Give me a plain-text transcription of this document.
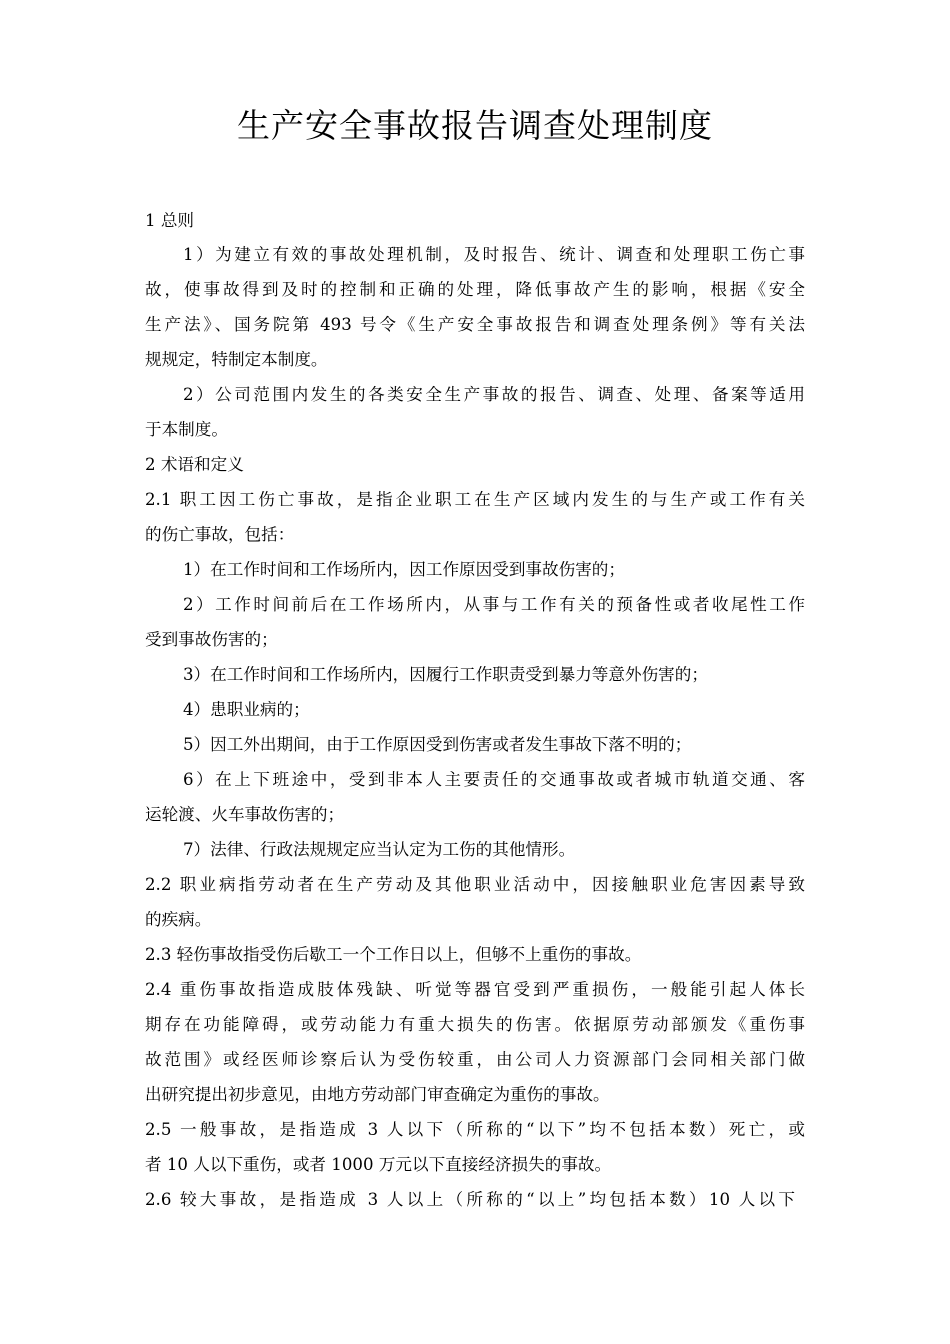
生产安全事故报告调查处理制度
1 总则
1）为建立有效的事故处理机制，及时报告、统计、调查和处理职工伤亡事
故，使事故得到及时的控制和正确的处理，降低事故产生的影响，根据《安全
生产法》、国务院第 493 号令《生产安全事故报告和调查处理条例》等有关法
规规定，特制定本制度。
2）公司范围内发生的各类安全生产事故的报告、调查、处理、备案等适用
于本制度。
2 术语和定义
2.1 职工因工伤亡事故，是指企业职工在生产区域内发生的与生产或工作有关
的伤亡事故，包括：
1）在工作时间和工作场所内，因工作原因受到事故伤害的；
2）工作时间前后在工作场所内，从事与工作有关的预备性或者收尾性工作
受到事故伤害的；
3）在工作时间和工作场所内，因履行工作职责受到暴力等意外伤害的；
4）患职业病的；
5）因工外出期间，由于工作原因受到伤害或者发生事故下落不明的；
6）在上下班途中，受到非本人主要责任的交通事故或者城市轨道交通、客
运轮渡、火车事故伤害的；
7）法律、行政法规规定应当认定为工伤的其他情形。
2.2 职业病指劳动者在生产劳动及其他职业活动中，因接触职业危害因素导致
的疾病。
2.3 轻伤事故指受伤后歇工一个工作日以上，但够不上重伤的事故。
2.4 重伤事故指造成肢体残缺、听觉等器官受到严重损伤，一般能引起人体长
期存在功能障碍，或劳动能力有重大损失的伤害。依据原劳动部颁发《重伤事
故范围》或经医师诊察后认为受伤较重，由公司人力资源部门会同相关部门做
出研究提出初步意见，由地方劳动部门审查确定为重伤的事故。
2.5 一般事故，是指造成 3 人以下（所称的“以下”均不包括本数）死亡，或
者 10 人以下重伤，或者 1000 万元以下直接经济损失的事故。
2.6 较大事故，是指造成 3 人以上（所称的“以上”均包括本数）10 人以下
